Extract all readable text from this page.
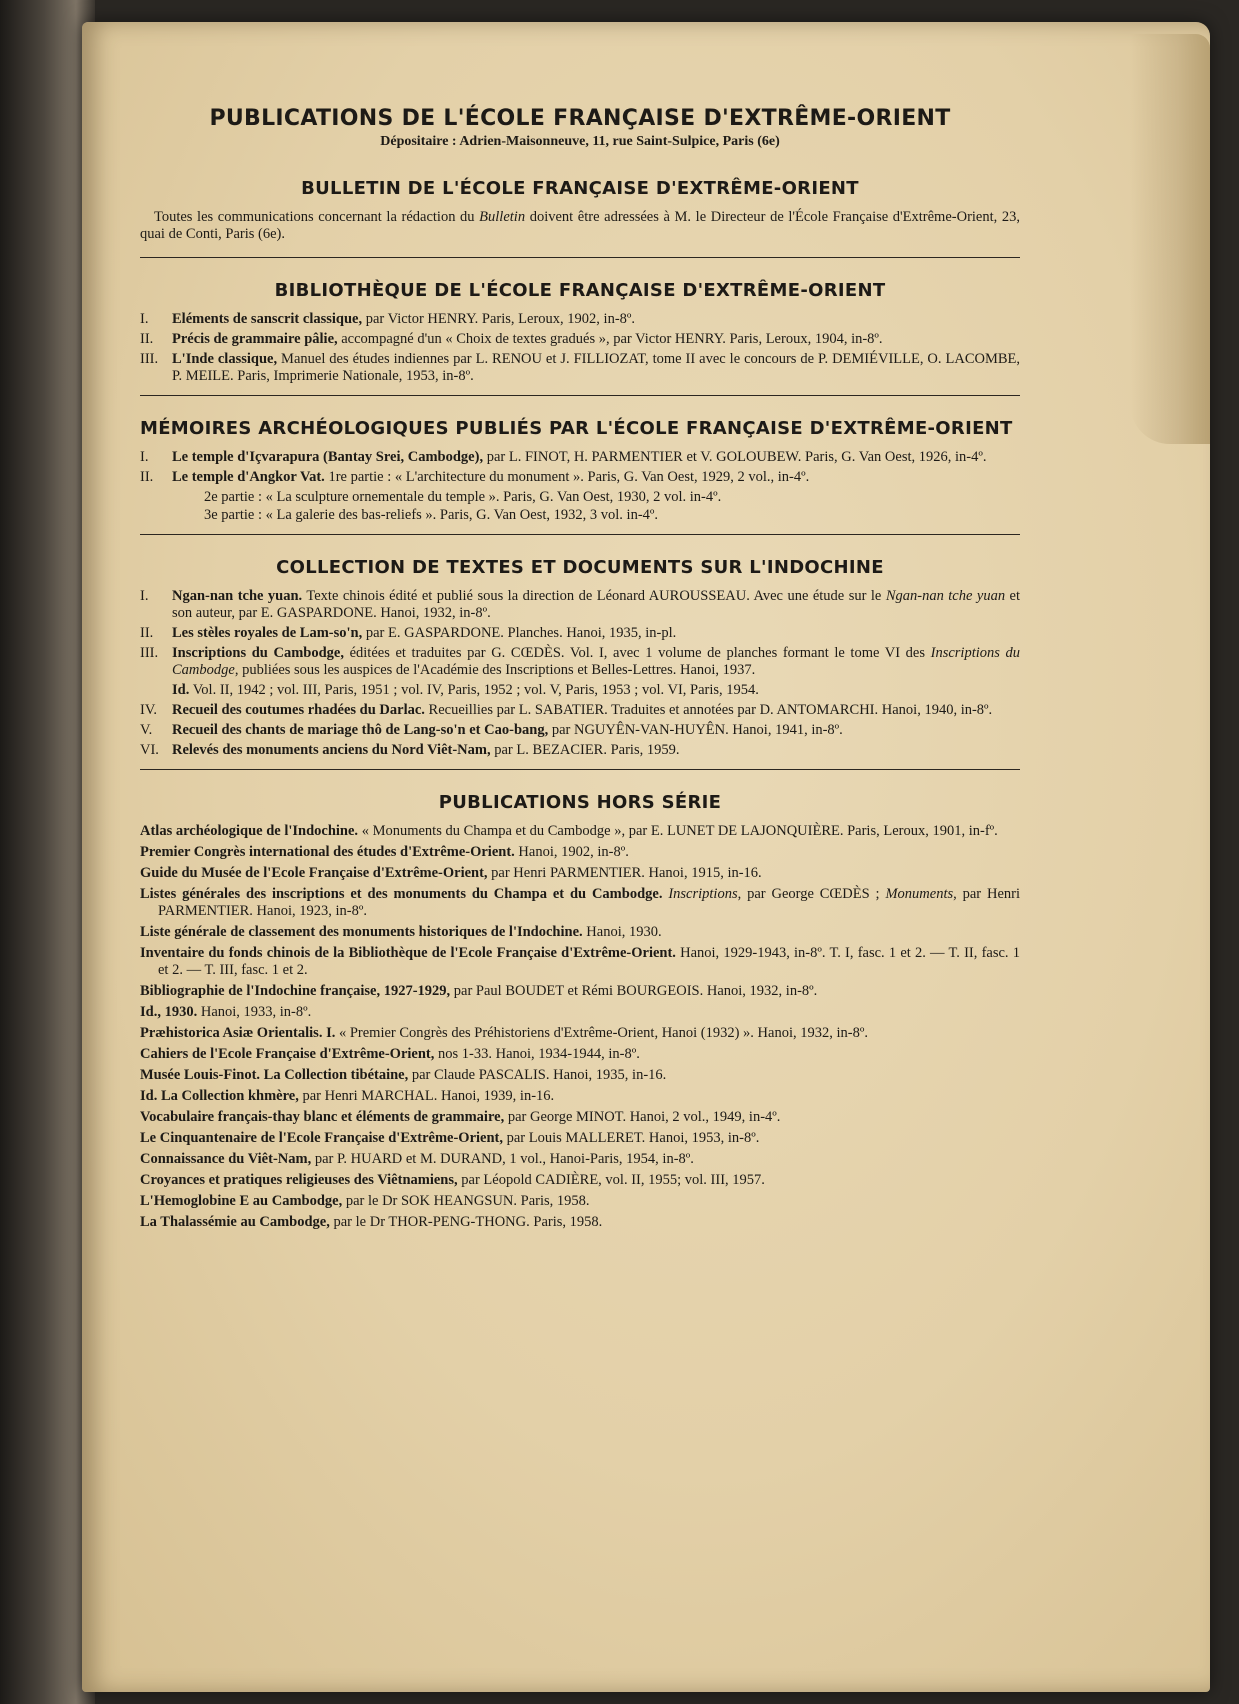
PUBLICATIONS DE L'ÉCOLE FRANÇAISE D'EXTRÊME-ORIENT

Dépositaire : Adrien-Maisonneuve, 11, rue Saint-Sulpice, Paris (6e)

BULLETIN DE L'ÉCOLE FRANÇAISE D'EXTRÊME-ORIENT

Toutes les communications concernant la rédaction du Bulletin doivent être adressées à M. le Directeur de l'École Française d'Extrême-Orient, 23, quai de Conti, Paris (6e).

BIBLIOTHÈQUE DE L'ÉCOLE FRANÇAISE D'EXTRÊME-ORIENT
I.	Eléments de sanscrit classique, par Victor HENRY. Paris, Leroux, 1902, in-8º.
II.	Précis de grammaire pâlie, accompagné d'un « Choix de textes gradués », par Victor HENRY. Paris, Leroux, 1904, in-8º.
III. L'Inde classique, Manuel des études indiennes par L. RENOU et J. FILLIOZAT, tome II avec le concours de P. DEMIÉVILLE, O. LACOMBE, P. MEILE. Paris, Imprimerie Nationale, 1953, in-8º.
MÉMOIRES ARCHÉOLOGIQUES PUBLIÉS PAR L'ÉCOLE FRANÇAISE D'EXTRÊME-ORIENT
I.	Le temple d'Içvarapura (Bantay Srei, Cambodge), par L. FINOT, H. PARMENTIER et V. GOLOUBEW. Paris, G. Van Oest, 1926, in-4º.
II.	Le temple d'Angkor Vat. 1re partie : « L'architecture du monument ». Paris, G. Van Oest, 1929, 2 vol., in-4º.
2e partie : « La sculpture ornementale du temple ». Paris, G. Van Oest, 1930, 2 vol. in-4º.
3e partie : « La galerie des bas-reliefs ». Paris, G. Van Oest, 1932, 3 vol. in-4º.
COLLECTION DE TEXTES ET DOCUMENTS SUR L'INDOCHINE
I.	Ngan-nan tche yuan. Texte chinois édité et publié sous la direction de Léonard AUROUSSEAU. Avec une étude sur le Ngan-nan tche yuan et son auteur, par E. GASPARDONE. Hanoi, 1932, in-8º.
II.	Les stèles royales de Lam-so'n, par E. GASPARDONE. Planches. Hanoi, 1935, in-pl.
III. Inscriptions du Cambodge, éditées et traduites par G. CŒDÈS. Vol. I, avec 1 volume de planches formant le tome VI des Inscriptions du Cambodge, publiées sous les auspices de l'Académie des Inscriptions et Belles-Lettres. Hanoi, 1937.
Id. Vol. II, 1942 ; vol. III, Paris, 1951 ; vol. IV, Paris, 1952 ; vol. V, Paris, 1953 ; vol. VI, Paris, 1954.
IV.	Recueil des coutumes rhadées du Darlac. Recueillies par L. SABATIER. Traduites et annotées par D. ANTOMARCHI. Hanoi, 1940, in-8º.
V.	Recueil des chants de mariage thô de Lang-so'n et Cao-bang, par NGUYÊN-VAN-HUYÊN. Hanoi, 1941, in-8º.
VI. Relevés des monuments anciens du Nord Viêt-Nam, par L. BEZACIER. Paris, 1959.
PUBLICATIONS HORS SÉRIE

Atlas archéologique de l'Indochine. « Monuments du Champa et du Cambodge », par E. LUNET DE LAJONQUIÈRE. Paris, Leroux, 1901, in-fº.

Premier Congrès international des études d'Extrême-Orient. Hanoi, 1902, in-8º.

Guide du Musée de l'Ecole Française d'Extrême-Orient, par Henri PARMENTIER. Hanoi, 1915, in-16.

Listes générales des inscriptions et des monuments du Champa et du Cambodge. Inscriptions, par George CŒDÈS ; Monuments, par Henri PARMENTIER. Hanoi, 1923, in-8º.

Liste générale de classement des monuments historiques de l'Indochine. Hanoi, 1930.

Inventaire du fonds chinois de la Bibliothèque de l'Ecole Française d'Extrême-Orient. Hanoi, 1929-1943, in-8º. T. I, fasc. 1 et 2. — T. II, fasc. 1 et 2. — T. III, fasc. 1 et 2.

Bibliographie de l'Indochine française, 1927-1929, par Paul BOUDET et Rémi BOURGEOIS. Hanoi, 1932, in-8º.

Id., 1930. Hanoi, 1933, in-8º.

Præhistorica Asiæ Orientalis. I. « Premier Congrès des Préhistoriens d'Extrême-Orient, Hanoi (1932) ». Hanoi, 1932, in-8º.

Cahiers de l'Ecole Française d'Extrême-Orient, nos 1-33. Hanoi, 1934-1944, in-8º.

Musée Louis-Finot. La Collection tibétaine, par Claude PASCALIS. Hanoi, 1935, in-16.

Id. La Collection khmère, par Henri MARCHAL. Hanoi, 1939, in-16.

Vocabulaire français-thay blanc et éléments de grammaire, par George MINOT. Hanoi, 2 vol., 1949, in-4º.

Le Cinquantenaire de l'Ecole Française d'Extrême-Orient, par Louis MALLERET. Hanoi, 1953, in-8º.

Connaissance du Viêt-Nam, par P. HUARD et M. DURAND, 1 vol., Hanoi-Paris, 1954, in-8º.

Croyances et pratiques religieuses des Viêtnamiens, par Léopold CADIÈRE, vol. II, 1955; vol. III, 1957.

L'Hemoglobine E au Cambodge, par le Dr SOK HEANGSUN. Paris, 1958.

La Thalassémie au Cambodge, par le Dr THOR-PENG-THONG. Paris, 1958.
